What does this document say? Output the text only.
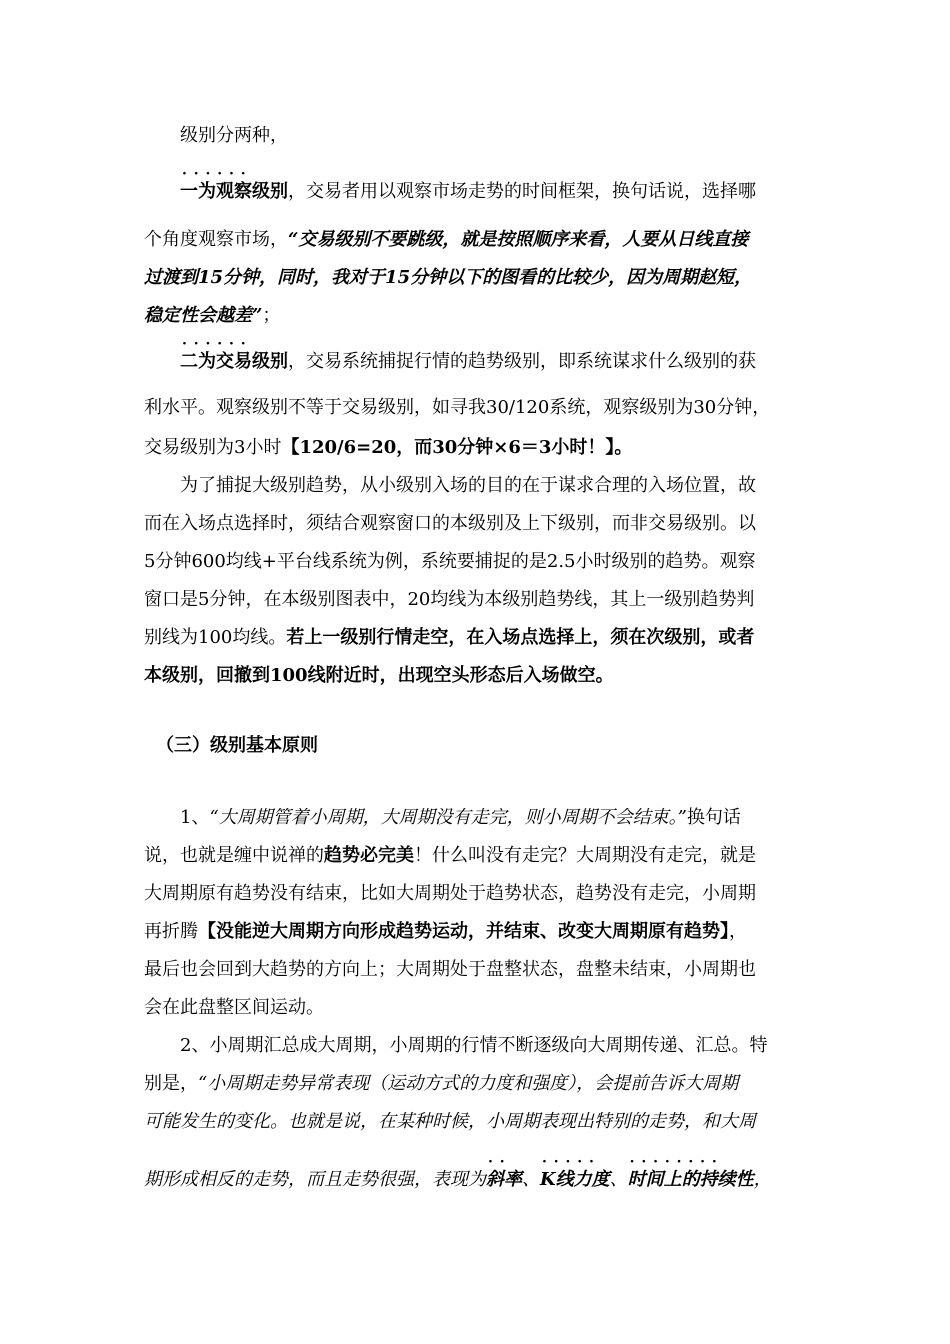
级别分两种，
· · · 一为观察级别，交易者用以观察市场走势的时间框架，换句话说，选择哪
个角度观察市场，“交易级别不要跳级，就是按照顺序来看，人要从日线直接
过渡到15分钟，同时，我对于15分钟以下的图看的比较少，因为周期赵短，
稳定性会越差”；
· · · 二为交易级别，交易系统捕捉行情的趋势级别，即系统谋求什么级别的获
利水平。观察级别不等于交易级别，如寻我30/120系统，观察级别为30分钟，
交易级别为3小时【120/6=20，而30分钟×6＝3小时！】。
为了捕捉大级别趋势，从小级别入场的目的在于谋求合理的入场位置，故
而在入场点选择时，须结合观察窗口的本级别及上下级别，而非交易级别。以
5分钟600均线+平台线系统为例，系统要捕捉的是2.5小时级别的趋势。观察
窗口是5分钟，在本级别图表中，20均线为本级别趋势线，其上一级别趋势判
别线为100均线。若上一级别行情走空，在入场点选择上，须在次级别，或者
本级别，回撤到100线附近时，出现空头形态后入场做空。
（三）级别基本原则
1、“大周期管着小周期，大周期没有走完，则小周期不会结束。”换句话
说，也就是缠中说禅的趋势必完美！什么叫没有走完？大周期没有走完，就是
大周期原有趋势没有结束，比如大周期处于趋势状态，趋势没有走完，小周期
再折腾【没能逆大周期方向形成趋势运动，并结束、改变大周期原有趋势】，
最后也会回到大趋势的方向上；大周期处于盘整状态，盘整未结束，小周期也
会在此盘整区间运动。
2、小周期汇总成大周期，小周期的行情不断逐级向大周期传递、汇总。特
别是，“小周期走势异常表现（运动方式的力度和强度），会提前告诉大周期
可能发生的变化。也就是说，在某种时候，小周期表现出特别的走势，和大周
期形成相反的走势，而且走势很强，表现为· · 斜率、· · · K线力度、· · · 时间上的持续性，
